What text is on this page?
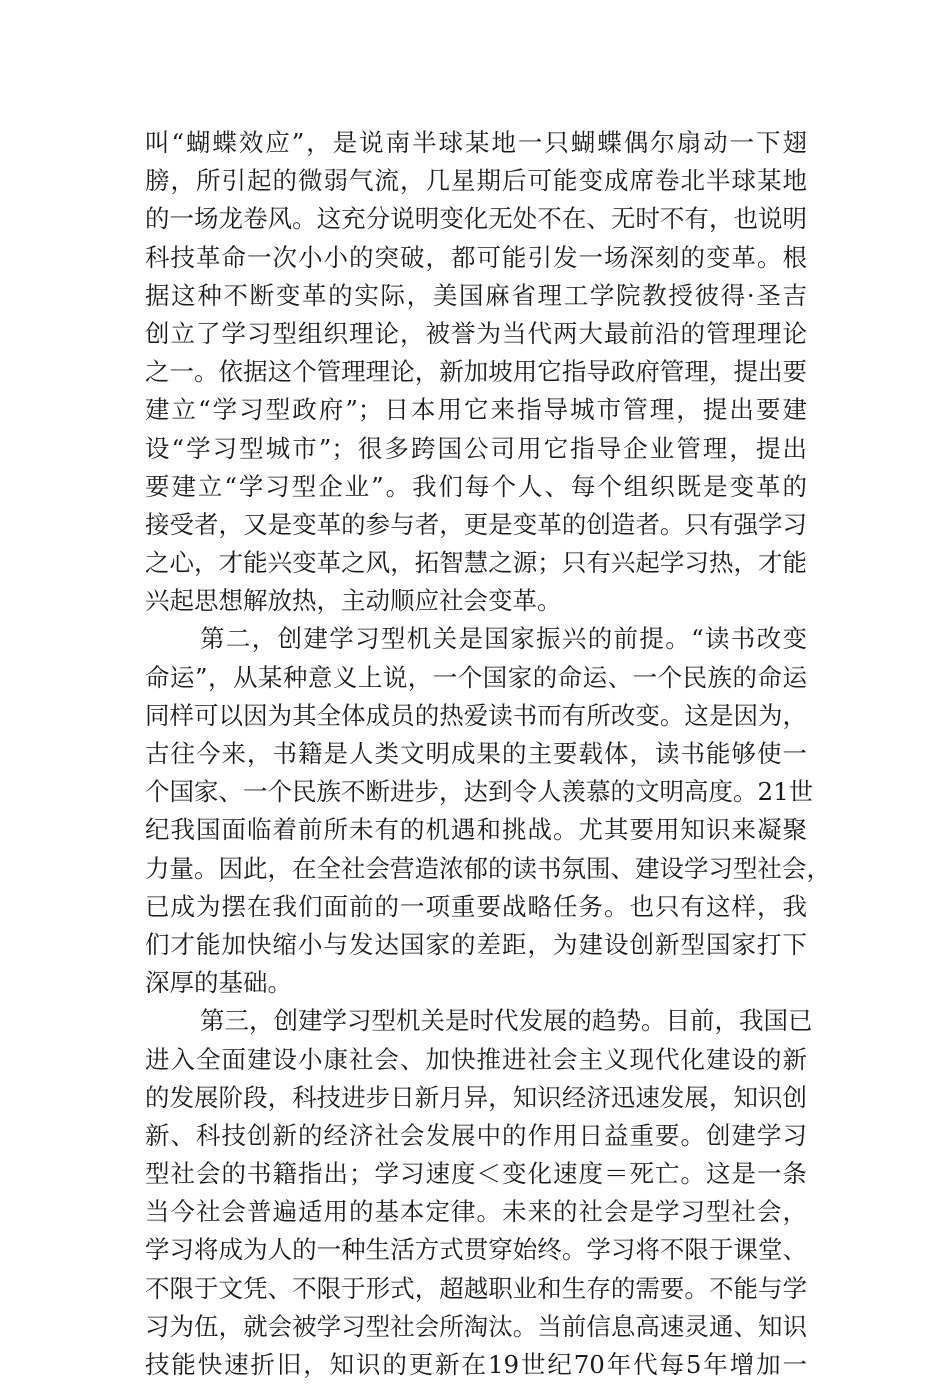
叫“蝴蝶效应”，是说南半球某地一只蝴蝶偶尔扇动一下翅
膀，所引起的微弱气流，几星期后可能变成席卷北半球某地
的一场龙卷风。这充分说明变化无处不在、无时不有，也说明
科技革命一次小小的突破，都可能引发一场深刻的变革。根
据这种不断变革的实际，美国麻省理工学院教授彼得·圣吉
创立了学习型组织理论，被誉为当代两大最前沿的管理理论
之一。依据这个管理理论，新加坡用它指导政府管理，提出要
建立“学习型政府”；日本用它来指导城市管理，提出要建
设“学习型城市”；很多跨国公司用它指导企业管理，提出
要建立“学习型企业”。我们每个人、每个组织既是变革的
接受者，又是变革的参与者，更是变革的创造者。只有强学习
之心，才能兴变革之风，拓智慧之源；只有兴起学习热，才能
兴起思想解放热，主动顺应社会变革。
第二，创建学习型机关是国家振兴的前提。“读书改变
命运”，从某种意义上说，一个国家的命运、一个民族的命运
同样可以因为其全体成员的热爱读书而有所改变。这是因为，
古往今来，书籍是人类文明成果的主要载体，读书能够使一
个国家、一个民族不断进步，达到令人羡慕的文明高度。21世
纪我国面临着前所未有的机遇和挑战。尤其要用知识来凝聚
力量。因此，在全社会营造浓郁的读书氛围、建设学习型社会，
已成为摆在我们面前的一项重要战略任务。也只有这样，我
们才能加快缩小与发达国家的差距，为建设创新型国家打下
深厚的基础。
第三，创建学习型机关是时代发展的趋势。目前，我国已
进入全面建设小康社会、加快推进社会主义现代化建设的新
的发展阶段，科技进步日新月异，知识经济迅速发展，知识创
新、科技创新的经济社会发展中的作用日益重要。创建学习
型社会的书籍指出；学习速度＜变化速度＝死亡。这是一条
当今社会普遍适用的基本定律。未来的社会是学习型社会，
学习将成为人的一种生活方式贯穿始终。学习将不限于课堂、
不限于文凭、不限于形式，超越职业和生存的需要。不能与学
习为伍，就会被学习型社会所淘汰。当前信息高速灵通、知识
技能快速折旧，知识的更新在19世纪70年代每5年增加一
